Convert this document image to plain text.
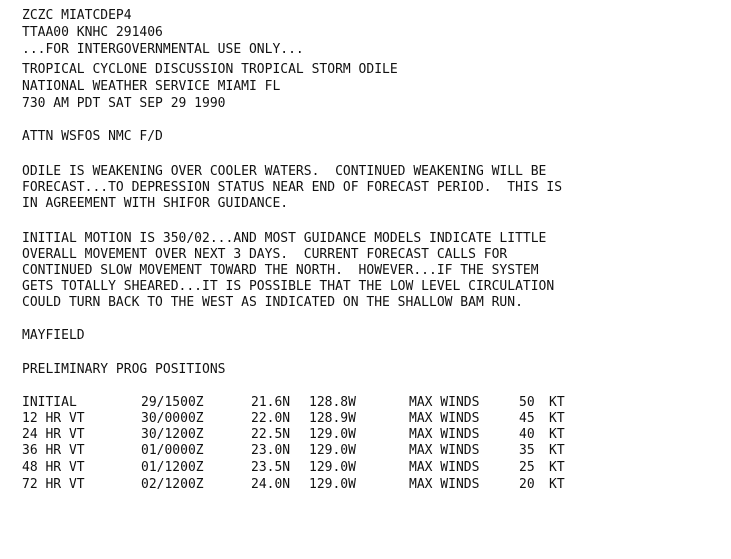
ZCZC MIATCDEP4
TTAA00 KNHC 291406
...FOR INTERGOVERNMENTAL USE ONLY...
TROPICAL CYCLONE DISCUSSION TROPICAL STORM ODILE
NATIONAL WEATHER SERVICE MIAMI FL
730 AM PDT SAT SEP 29 1990
ATTN WSFOS NMC F/D
ODILE IS WEAKENING OVER COOLER WATERS.  CONTINUED WEAKENING WILL BE
FORECAST...TO DEPRESSION STATUS NEAR END OF FORECAST PERIOD.  THIS IS
IN AGREEMENT WITH SHIFOR GUIDANCE.
INITIAL MOTION IS 350/02...AND MOST GUIDANCE MODELS INDICATE LITTLE
OVERALL MOVEMENT OVER NEXT 3 DAYS.  CURRENT FORECAST CALLS FOR
CONTINUED SLOW MOVEMENT TOWARD THE NORTH.  HOWEVER...IF THE SYSTEM
GETS TOTALLY SHEARED...IT IS POSSIBLE THAT THE LOW LEVEL CIRCULATION
COULD TURN BACK TO THE WEST AS INDICATED ON THE SHALLOW BAM RUN.
MAYFIELD
PRELIMINARY PROG POSITIONS
INITIAL	29/1500Z	21.6N 128.8W	MAX WINDS	50 KT
12 HR VT	30/0000Z	22.0N 128.9W	MAX WINDS	45 KT
24 HR VT	30/1200Z	22.5N 129.0W	MAX WINDS	40 KT
36 HR VT	01/0000Z	23.0N 129.0W	MAX WINDS	35 KT
48 HR VT	01/1200Z	23.5N 129.0W	MAX WINDS	25 KT
72 HR VT	02/1200Z	24.0N 129.0W	MAX WINDS	20 KT
